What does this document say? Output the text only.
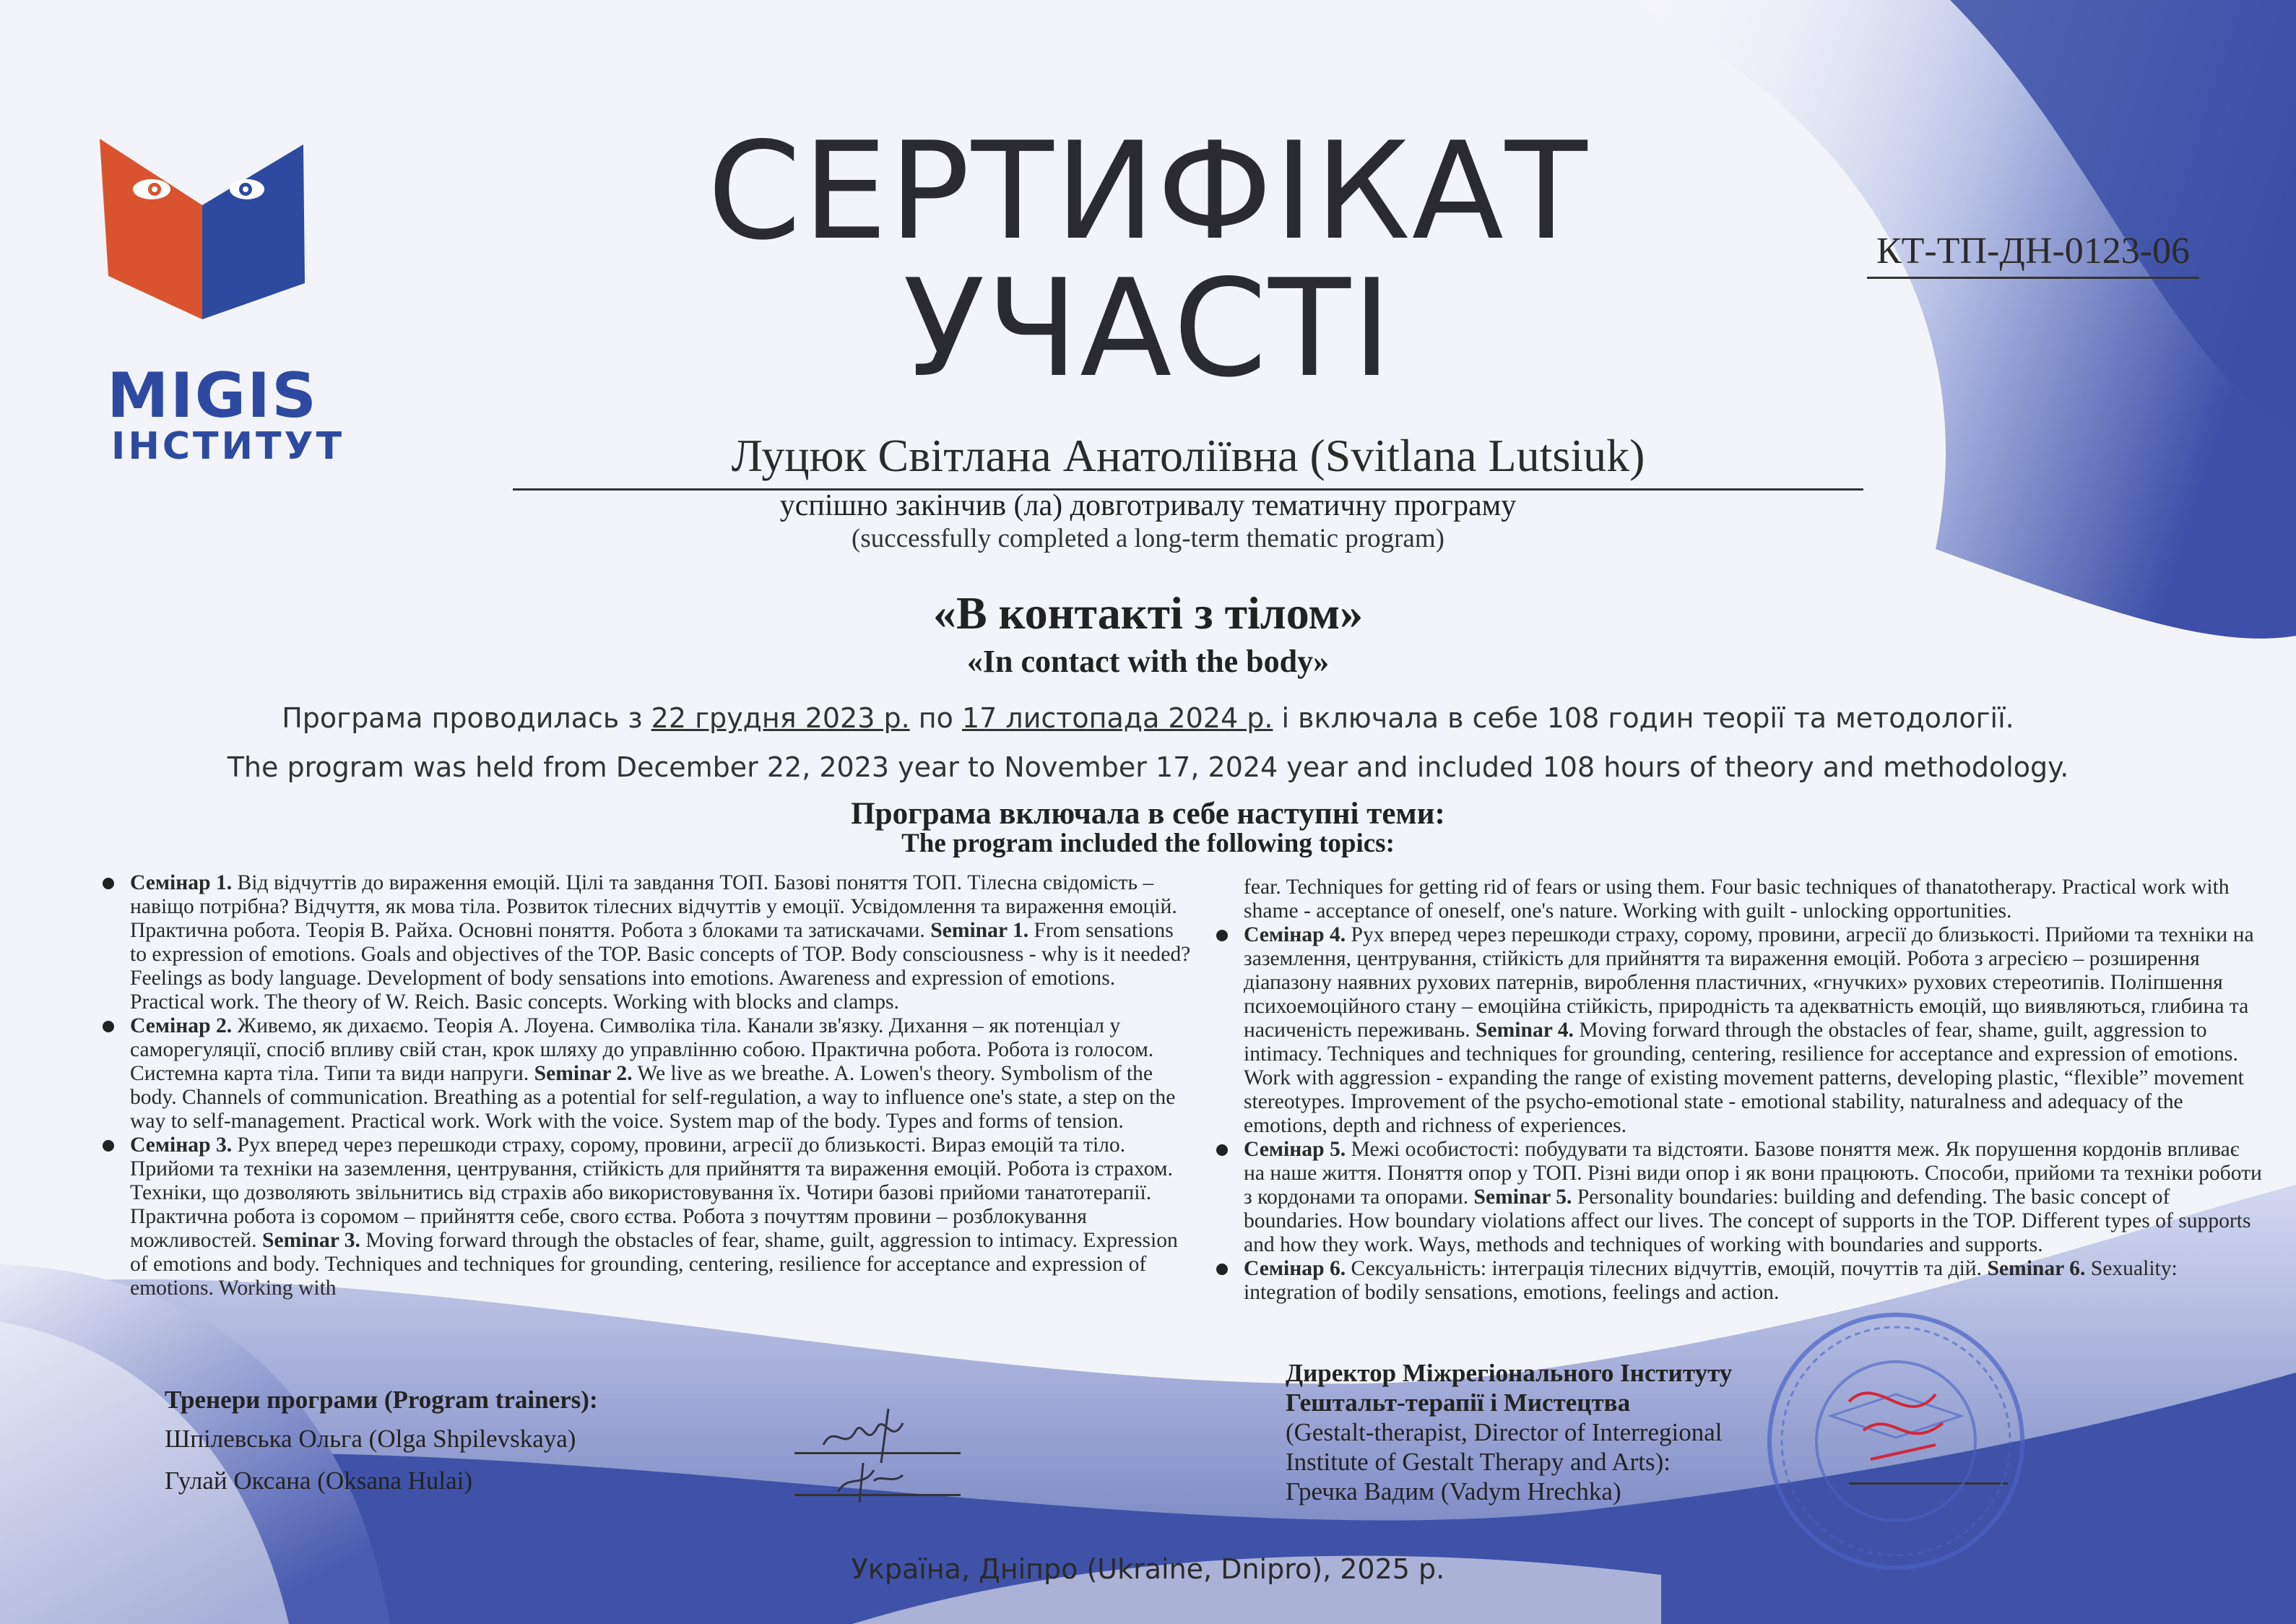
MIGIS
ІНСТИТУТ
СЕРТИФІКАТ
УЧАСТІ	КТ-ТП-ДН-0123-06
Луцюк Світлана Анатоліївна (Svitlana Lutsiuk)
успішно закінчив (ла) довготривалу тематичну програму
(successfully completed a long-term thematic program)
«В контакті з тілом»
«In contact with the body»
Програма проводилась з 22 грудня 2023 р. по 17 листопада 2024 р. і включала в себе 108 годин теорії та методології.
The program was held from December 22, 2023 year to November 17, 2024 year and included 108 hours of theory and methodology.
Програма включала в себе наступні теми:
The program included the following topics:

Семінар 1. Від відчуттів до вираження емоцій. Цілі та завдання ТОП. Базові поняття ТОП. Тілесна свідомість – навіщо потрібна? Відчуття, як мова тіла. Розвиток тілесних відчуттів у емоції. Усвідомлення та вираження емоцій. Практична робота. Теорія В. Райха. Основні поняття. Робота з блоками та затискачами. Seminar 1. From sensations to expression of emotions. Goals and objectives of the TOP. Basic concepts of TOP. Body consciousness - why is it needed? Feelings as body language. Development of body sensations into emotions. Awareness and expression of emotions. Practical work. The theory of W. Reich. Basic concepts. Working with blocks and clamps.

Семінар 2. Живемо, як дихаємо. Теорія А. Лоуена. Символіка тіла. Канали зв'язку. Дихання – як потенціал у саморегуляції, спосіб впливу свій стан, крок шляху до управлінню собою. Практична робота. Робота із голосом. Системна карта тіла. Типи та види напруги. Seminar 2. We live as we breathe. A. Lowen's theory. Symbolism of the body. Channels of communication. Breathing as a potential for self-regulation, a way to influence one's state, a step on the way to self-management. Practical work. Work with the voice. System map of the body. Types and forms of tension.

Семінар 3. Рух вперед через перешкоди страху, сорому, провини, агресії до близькості. Вираз емоцій та тіло. Прийоми та техніки на заземлення, центрування, стійкість для прийняття та вираження емоцій. Робота із страхом. Техніки, що дозволяють звільнитись від страхів або використовування їх. Чотири базові прийоми танатотерапії. Практична робота із соромом – прийняття себе, свого єства. Робота з почуттям провини – розблокування можливостей. Seminar 3. Moving forward through the obstacles of fear, shame, guilt, aggression to intimacy. Expression of emotions and body. Techniques and techniques for grounding, centering, resilience for acceptance and expression of emotions. Working with

fear. Techniques for getting rid of fears or using them. Four basic techniques of thanatotherapy. Practical work with shame - acceptance of oneself, one's nature. Working with guilt - unlocking opportunities.

Семінар 4. Рух вперед через перешкоди страху, сорому, провини, агресії до близькості. Прийоми та техніки на заземлення, центрування, стійкість для прийняття та вираження емоцій. Робота з агресією – розширення діапазону наявних рухових патернів, вироблення пластичних, «гнучких» рухових стереотипів. Поліпшення психоемоційного стану – емоційна стійкість, природність та адекватність емоцій, що виявляються, глибина та насиченість переживань. Seminar 4. Moving forward through the obstacles of fear, shame, guilt, aggression to intimacy. Techniques and techniques for grounding, centering, resilience for acceptance and expression of emotions. Work with aggression - expanding the range of existing movement patterns, developing plastic, “flexible” movement stereotypes. Improvement of the psycho-emotional state - emotional stability, naturalness and adequacy of the emotions, depth and richness of experiences.

Семінар 5. Межі особистості: побудувати та відстояти. Базове поняття меж. Як порушення кордонів впливає на наше життя. Поняття опор у ТОП. Різні види опор і як вони працюють. Способи, прийоми та техніки роботи з кордонами та опорами. Seminar 5. Personality boundaries: building and defending. The basic concept of boundaries. How boundary violations affect our lives. The concept of supports in the TOP. Different types of supports and how they work. Ways, methods and techniques of working with boundaries and supports.

Семінар 6. Сексуальність: інтеграція тілесних відчуттів, емоцій, почуттів та дій. Seminar 6. Sexuality: integration of bodily sensations, emotions, feelings and action.

Тренери програми (Program trainers):
Шпілевська Ольга (Olga Shpilevskaya)
Гулай Оксана (Oksana Hulai)
Директор Міжрегіонального Інституту
Гештальт-терапії і Мистецтва
(Gestalt-therapist, Director of Interregional
Institute of Gestalt Therapy and Arts):
Гречка Вадим (Vadym Hrechka)
Україна, Дніпро (Ukraine, Dnipro), 2025 р.
